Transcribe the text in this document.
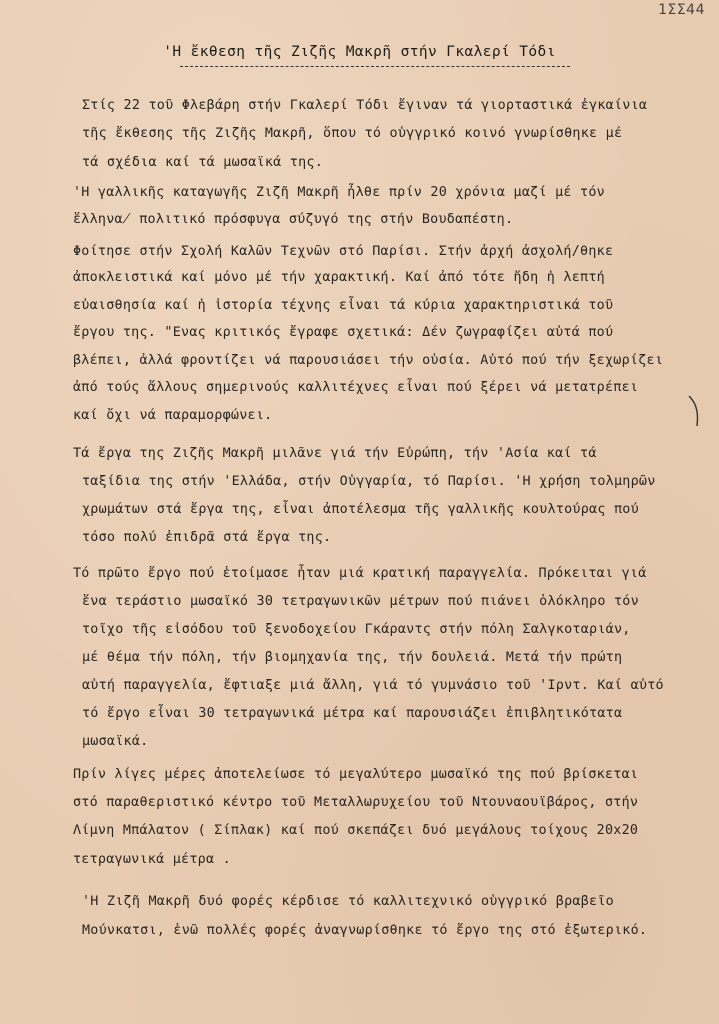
1ΣΣ44
'Η ἔκθεση τῆς Ζιζῆς Μακρῆ στήν Γκαλερί Τόδι
Στίς 22 τοῦ Φλεβάρη στήν Γκαλερί Τόδι ἔγιναν τά γιορταστικά ἐγκαίνια
τῆς ἔκθεσης τῆς Ζιζῆς Μακρῆ, ὅπου τό οὑγγρικό κοινό γνωρίσθηκε μέ
τά σχέδια καί τά μωσαϊκά της.
'Η γαλλικῆς καταγωγῆς Ζιζῆ Μακρῆ ἦλθε πρίν 20 χρόνια μαζί μέ τόν
ἕλληνα̸ πολιτικό πρόσφυγα σύζυγό της στήν Βουδαπέστη.
Φοίτησε στήν Σχολή Καλῶν Τεχνῶν στό Παρίσι. Στήν ἀρχή ἀσχολή/θηκε
ἀποκλειστικά καί μόνο μέ τήν χαρακτική. Καί ἀπό τότε ἤδη ἡ λεπτή
εὐαισθησία καί ἡ ἱστορία τέχνης εἶναι τά κύρια χαρακτηριστικά τοῦ
ἔργου της. "Ενας κριτικός ἔγραφε σχετικά: Δέν ζωγραφίζει αὐτά πού
βλέπει, ἀλλά φροντίζει νά παρουσιάσει τήν οὐσία. Αὐτό πού τήν ξεχωρίζει
ἀπό τούς ἄλλους σημερινούς καλλιτέχνες εἶναι πού ξέρει νά μετατρέπει
καί ὄχι νά παραμορφώνει.
Τά ἔργα της Ζιζῆς Μακρῆ μιλᾶνε γιά τήν Εὐρώπη, τήν 'Ασία καί τά
ταξίδια της στήν 'Ελλάδα, στήν Οὑγγαρία, τό Παρίσι. 'Η χρήση τολμηρῶν
χρωμάτων στά ἔργα της, εἶναι ἀποτέλεσμα τῆς γαλλικῆς κουλτούρας πού
τόσο πολύ ἐπιδρᾶ στά ἔργα της.
Τό πρῶτο ἔργο πού ἑτοίμασε ἦταν μιά κρατική παραγγελία. Πρόκειται γιά
ἕνα τεράστιο μωσαϊκό 30 τετραγωνικῶν μέτρων πού πιάνει ὁλόκληρο τόν
τοῖχο τῆς εἰσόδου τοῦ ξενοδοχείου Γκάραντς στήν πόλη Σαλγκοταριάν,
μέ θέμα τήν πόλη, τήν βιομηχανία της, τήν δουλειά. Μετά τήν πρώτη
αὐτή παραγγελία, ἔφτιαξε μιά ἄλλη, γιά τό γυμνάσιο τοῦ 'Ιρντ. Καί αὐτό
τό ἔργο εἶναι 30 τετραγωνικά μέτρα καί παρουσιάζει ἐπιβλητικότατα
μωσαϊκά.
Πρίν λίγες μέρες ἀποτελείωσε τό μεγαλύτερο μωσαϊκό της πού βρίσκεται
στό παραθεριστικό κέντρο τοῦ Μεταλλωρυχείου τοῦ Ντουναουϊβάρος, στήν
Λίμνη Μπάλατον ( Σίπλακ) καί πού σκεπάζει δυό μεγάλους τοίχους 20x20
τετραγωνικά μέτρα .
'Η Ζιζῆ Μακρῆ δυό φορές κέρδισε τό καλλιτεχνικό οὑγγρικό βραβεῖο
Μούνκατσι, ἐνῶ πολλές φορές ἀναγνωρίσθηκε τό ἔργο της στό ἐξωτερικό.
